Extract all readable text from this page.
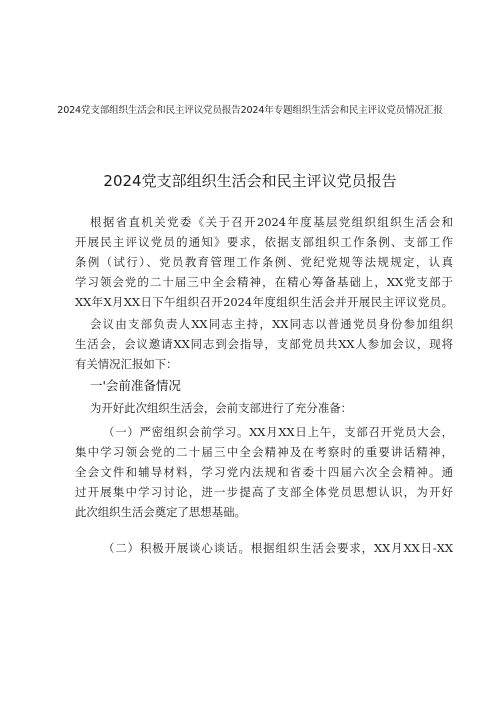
2024党支部组织生活会和民主评议党员报告2024年专题组织生活会和民主评议党员情况汇报
2024党支部组织生活会和民主评议党员报告
根据省直机关党委《关于召开2024年度基层党组织组织生活会和
开展民主评议党员的通知》要求，依据支部组织工作条例、支部工作
条例（试行）、党员教育管理工作条例、党纪党规等法规规定，认真
学习领会党的二十届三中全会精神，在精心筹备基础上，XX党支部于
XX年X月XX日下午组织召开2024年度组织生活会并开展民主评议党员。
会议由支部负责人XX同志主持，XX同志以普通党员身份参加组织
生活会，会议邀请XX同志到会指导，支部党员共XX人参加会议，现将
有关情况汇报如下：
一'会前准备情况
为开好此次组织生活会，会前支部进行了充分准备：
（一）严密组织会前学习。XX月XX日上午，支部召开党员大会，
集中学习领会党的二十届三中全会精神及在考察时的重要讲话精神，
全会文件和辅导材料，学习党内法规和省委十四届六次全会精神。通
过开展集中学习讨论，进一步提高了支部全体党员思想认识，为开好
此次组织生活会奠定了思想基础。
（二）积极开展谈心谈话。根据组织生活会要求，XX月XX日-XX
